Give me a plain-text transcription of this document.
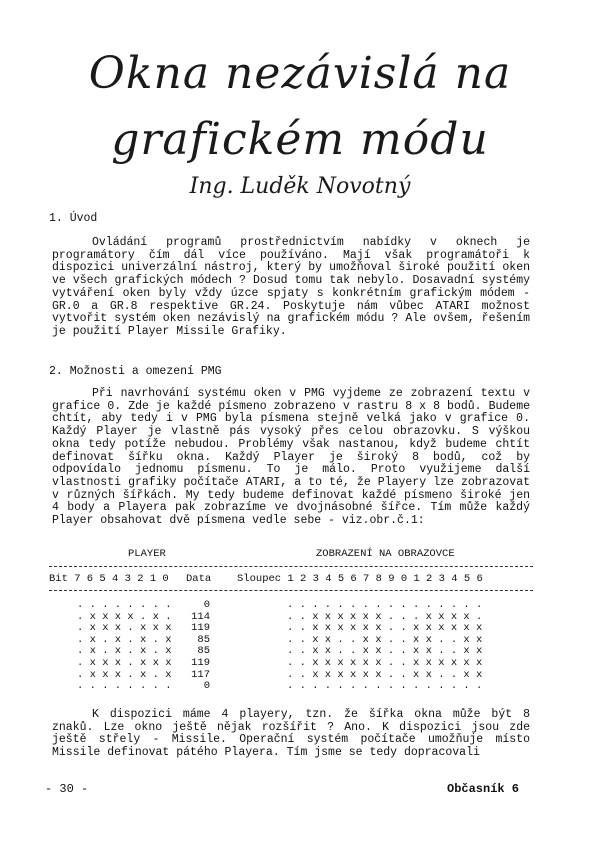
Okna nezávislá na
grafickém módu
Ing. Luděk Novotný
1. Úvod
Ovládání programů prostřednictvím nabídky v oknech je programátory čím dál více používáno. Mají však programátoři k dispozici univerzální nástroj, který by umožňoval široké použití oken ve všech grafických módech ? Dosud tomu tak nebylo. Dosavadní systémy vytváření oken byly vždy úzce spjaty s konkrétním grafickým módem - GR.0 a GR.8 respektive GR.24. Poskytuje nám vůbec ATARI možnost vytvořit systém oken nezávislý na grafickém módu ? Ale ovšem, řešením je použití Player Missile Grafiky.
2. Možnosti a omezení PMG
Při navrhování systému oken v PMG vyjdeme ze zobrazení textu v grafice 0. Zde je každé písmeno zobrazeno v rastru 8 x 8 bodů. Budeme chtít, aby tedy i v PMG byla písmena stejně velká jako v grafice 0. Každý Player je vlastně pás vysoký přes celou obrazovku. S výškou okna tedy potíže nebudou. Problémy však nastanou, když budeme chtít definovat šířku okna. Každý Player je široký 8 bodů, což by odpovídalo jednomu písmenu. To je málo. Proto využijeme další vlastnosti grafiky počítače ATARI, a to té, že Playery lze zobrazovat v různých šířkách. My tedy budeme definovat každé písmeno široké jen 4 body a Playera pak zobrazíme ve dvojnásobné šířce. Tím může každý Player obsahovat dvě písmena vedle sebe - viz.obr.č.1:
PLAYER	ZOBRAZENÍ NA OBRAZOVCE
Bit 7 6 5 4 3 2 1 0 Data Sloupec 1 2 3 4 5 6 7 8 9 0 1 2 3 4 5 6
. . . . . . . .	0	. . . . . . . . . . . . . . . .
. x x x x . x .	114	. . x x x x x x . . . x x x x .
. x x x . x x x	119	. . x x x x x x . . x x x x x x
. x . x . x . x	85	. . x x . . x x . . x x . . x x
. x . x . x . x	85	. . x x . . x x . . x x . . x x
. x x x . x x x	119	. . x x x x x x . . x x x x x x
. x x x . x . x	117	. . x x x x x x . . x x . . x x
. . . . . . . .	0	. . . . . . . . . . . . . . . .
K dispozici máme 4 playery, tzn. že šířka okna může být 8 znaků. Lze okno ještě nějak rozšířit ? Ano. K dispozici jsou zde ještě střely - Missile. Operační systém počítače umožňuje místo Missile definovat pátého Playera. Tím jsme se tedy dopracovali
- 30 -	Občasník 6
